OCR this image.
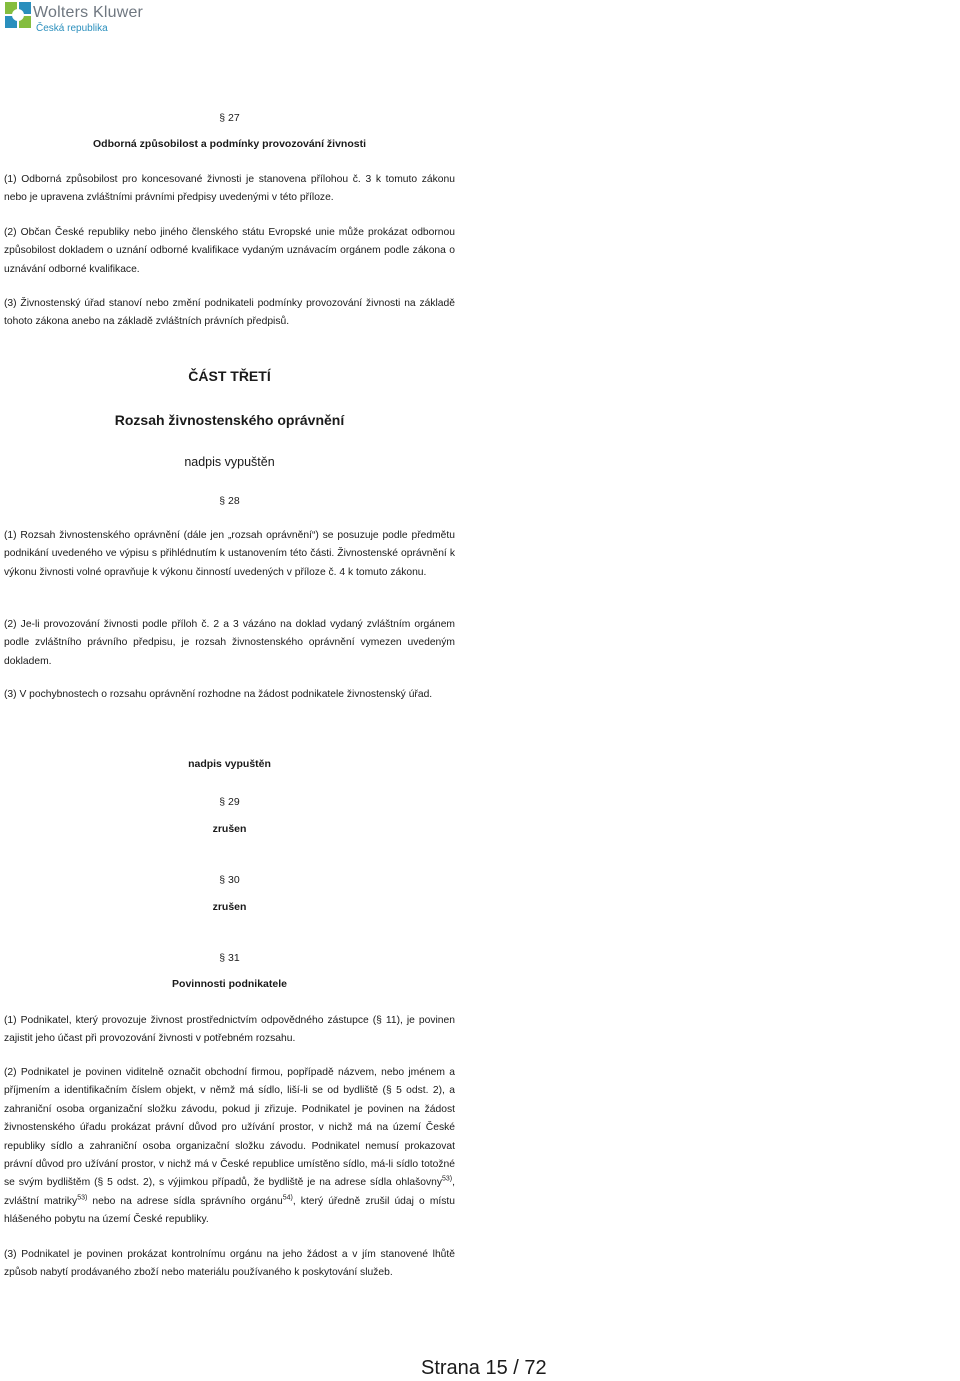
Wolters Kluwer
Česká republika
§ 27
Odborná způsobilost a podmínky provozování živnosti
(1) Odborná způsobilost pro koncesované živnosti je stanovena přílohou č. 3 k tomuto zákonu nebo je upravena zvláštními právními předpisy uvedenými v této příloze.
(2) Občan České republiky nebo jiného členského státu Evropské unie může prokázat odbornou způsobilost dokladem o uznání odborné kvalifikace vydaným uznávacím orgánem podle zákona o uznávání odborné kvalifikace.
(3) Živnostenský úřad stanoví nebo změní podnikateli podmínky provozování živnosti na základě tohoto zákona anebo na základě zvláštních právních předpisů.
ČÁST TŘETÍ
Rozsah živnostenského oprávnění
nadpis vypuštěn
§ 28
(1) Rozsah živnostenského oprávnění (dále jen „rozsah oprávnění“) se posuzuje podle předmětu podnikání uvedeného ve výpisu s přihlédnutím k ustanovením této části. Živnostenské oprávnění k výkonu živnosti volné opravňuje k výkonu činností uvedených v příloze č. 4 k tomuto zákonu.
(2) Je-li provozování živnosti podle příloh č. 2 a 3 vázáno na doklad vydaný zvláštním orgánem podle zvláštního právního předpisu, je rozsah živnostenského oprávnění vymezen uvedeným dokladem.
(3) V pochybnostech o rozsahu oprávnění rozhodne na žádost podnikatele živnostenský úřad.
nadpis vypuštěn
§ 29
zrušen
§ 30
zrušen
§ 31
Povinnosti podnikatele
(1) Podnikatel, který provozuje živnost prostřednictvím odpovědného zástupce (§ 11), je povinen zajistit jeho účast při provozování živnosti v potřebném rozsahu.
(2) Podnikatel je povinen viditelně označit obchodní firmou, popřípadě názvem, nebo jménem a příjmením a identifikačním číslem objekt, v němž má sídlo, liší-li se od bydliště (§ 5 odst. 2), a zahraniční osoba organizační složku závodu, pokud ji zřizuje. Podnikatel je povinen na žádost živnostenského úřadu prokázat právní důvod pro užívání prostor, v nichž má na území České republiky sídlo a zahraniční osoba organizační složku závodu. Podnikatel nemusí prokazovat právní důvod pro užívání prostor, v nichž má v České republice umístěno sídlo, má-li sídlo totožné se svým bydlištěm (§ 5 odst. 2), s výjimkou případů, že bydliště je na adrese sídla ohlašovny$^{53)}$, zvláštní matriky$^{53)}$ nebo na adrese sídla správního orgánu$^{54)}$, který úředně zrušil údaj o místu hlášeného pobytu na území České republiky.
(3) Podnikatel je povinen prokázat kontrolnímu orgánu na jeho žádost a v jím stanovené lhůtě způsob nabytí prodávaného zboží nebo materiálu používaného k poskytování služeb.
Strana 15 / 72
